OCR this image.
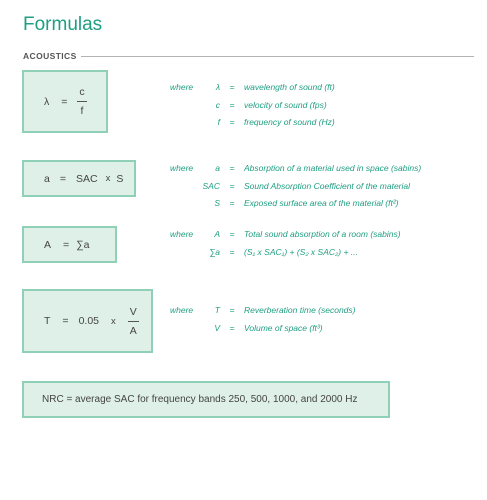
Formulas
ACOUSTICS
$\lambda = \frac{c}{f}$	where	λ	=	wavelength of sound (ft)
c	=	velocity of sound (fps)
f	=	frequency of sound (Hz)
a = SAC x S
where	a	=	Absorption of a material used in space (sabins)
SAC	=	Sound Absorption Coefficient of the material
S	=	Exposed surface area of the material (ft²)
A = ∑a
where	A	=	Total sound absorption of a room (sabins)
∑a	=	(S₁ x SAC₁) + (S₂ x SAC₂) + ...
T = 0.05 x $\frac{V}{A}$	where	T	=	Reverberation time (seconds)
V	=	Volume of space (ft³)
NRC = average SAC for frequency bands 250, 500, 1000, and 2000 Hz
